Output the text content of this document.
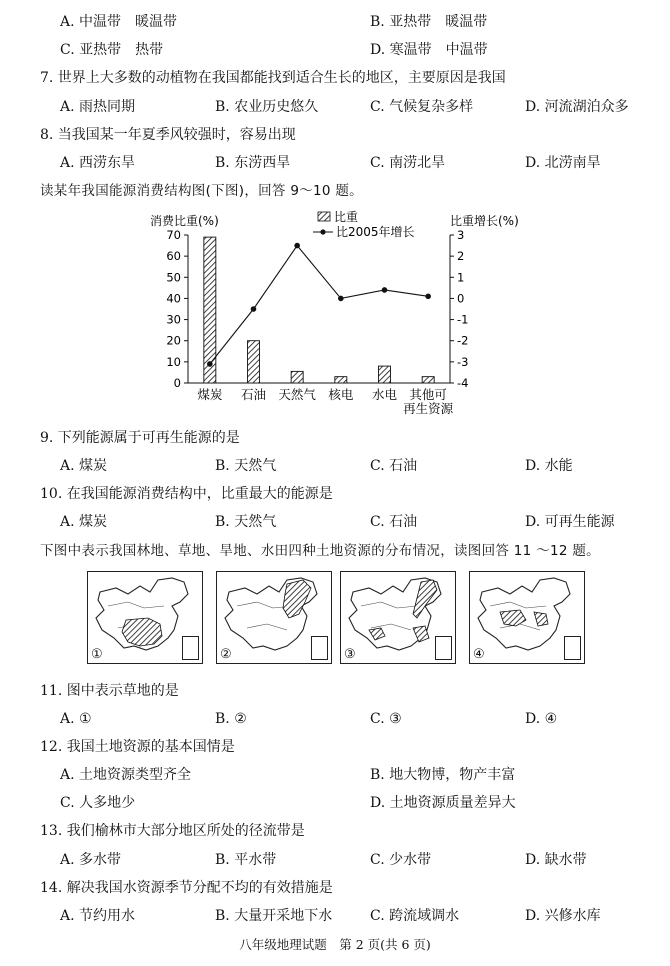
A. 中温带　暖温带	B. 亚热带　暖温带
C. 亚热带　热带	D. 寒温带　中温带
7. 世界上大多数的动植物在我国都能找到适合生长的地区，主要原因是我国
A. 雨热同期	B. 农业历史悠久	C. 气候复杂多样	D. 河流湖泊众多
8. 当我国某一年夏季风较强时，容易出现
A. 西涝东旱	B. 东涝西旱	C. 南涝北旱	D. 北涝南旱
读某年我国能源消费结构图(下图)，回答 9～10 题。
9. 下列能源属于可再生能源的是
A. 煤炭	B. 天然气	C. 石油	D. 水能
10. 在我国能源消费结构中，比重最大的能源是
A. 煤炭	B. 天然气	C. 石油	D. 可再生能源
下图中表示我国林地、草地、旱地、水田四种土地资源的分布情况，读图回答 11 ～12 题。
11. 图中表示草地的是
A. ①	B. ②	C. ③	D. ④
12. 我国土地资源的基本国情是
A. 土地资源类型齐全	B. 地大物博，物产丰富
C. 人多地少	D. 土地资源质量差异大
13. 我们榆林市大部分地区所处的径流带是
A. 多水带	B. 平水带	C. 少水带	D. 缺水带
14. 解决我国水资源季节分配不均的有效措施是
A. 节约用水	B. 大量开采地下水	C. 跨流域调水	D. 兴修水库
0
10
20
30
40
50
60
70
-4
-3
-2
-1
0
1
2
3
消费比重(%)	比重增长(%)
煤炭 石油 天然气 核电 水电 其他可
再生资源
比重
比2005年增长
①	②	③	④
八年级地理试题　第 2 页(共 6 页)
